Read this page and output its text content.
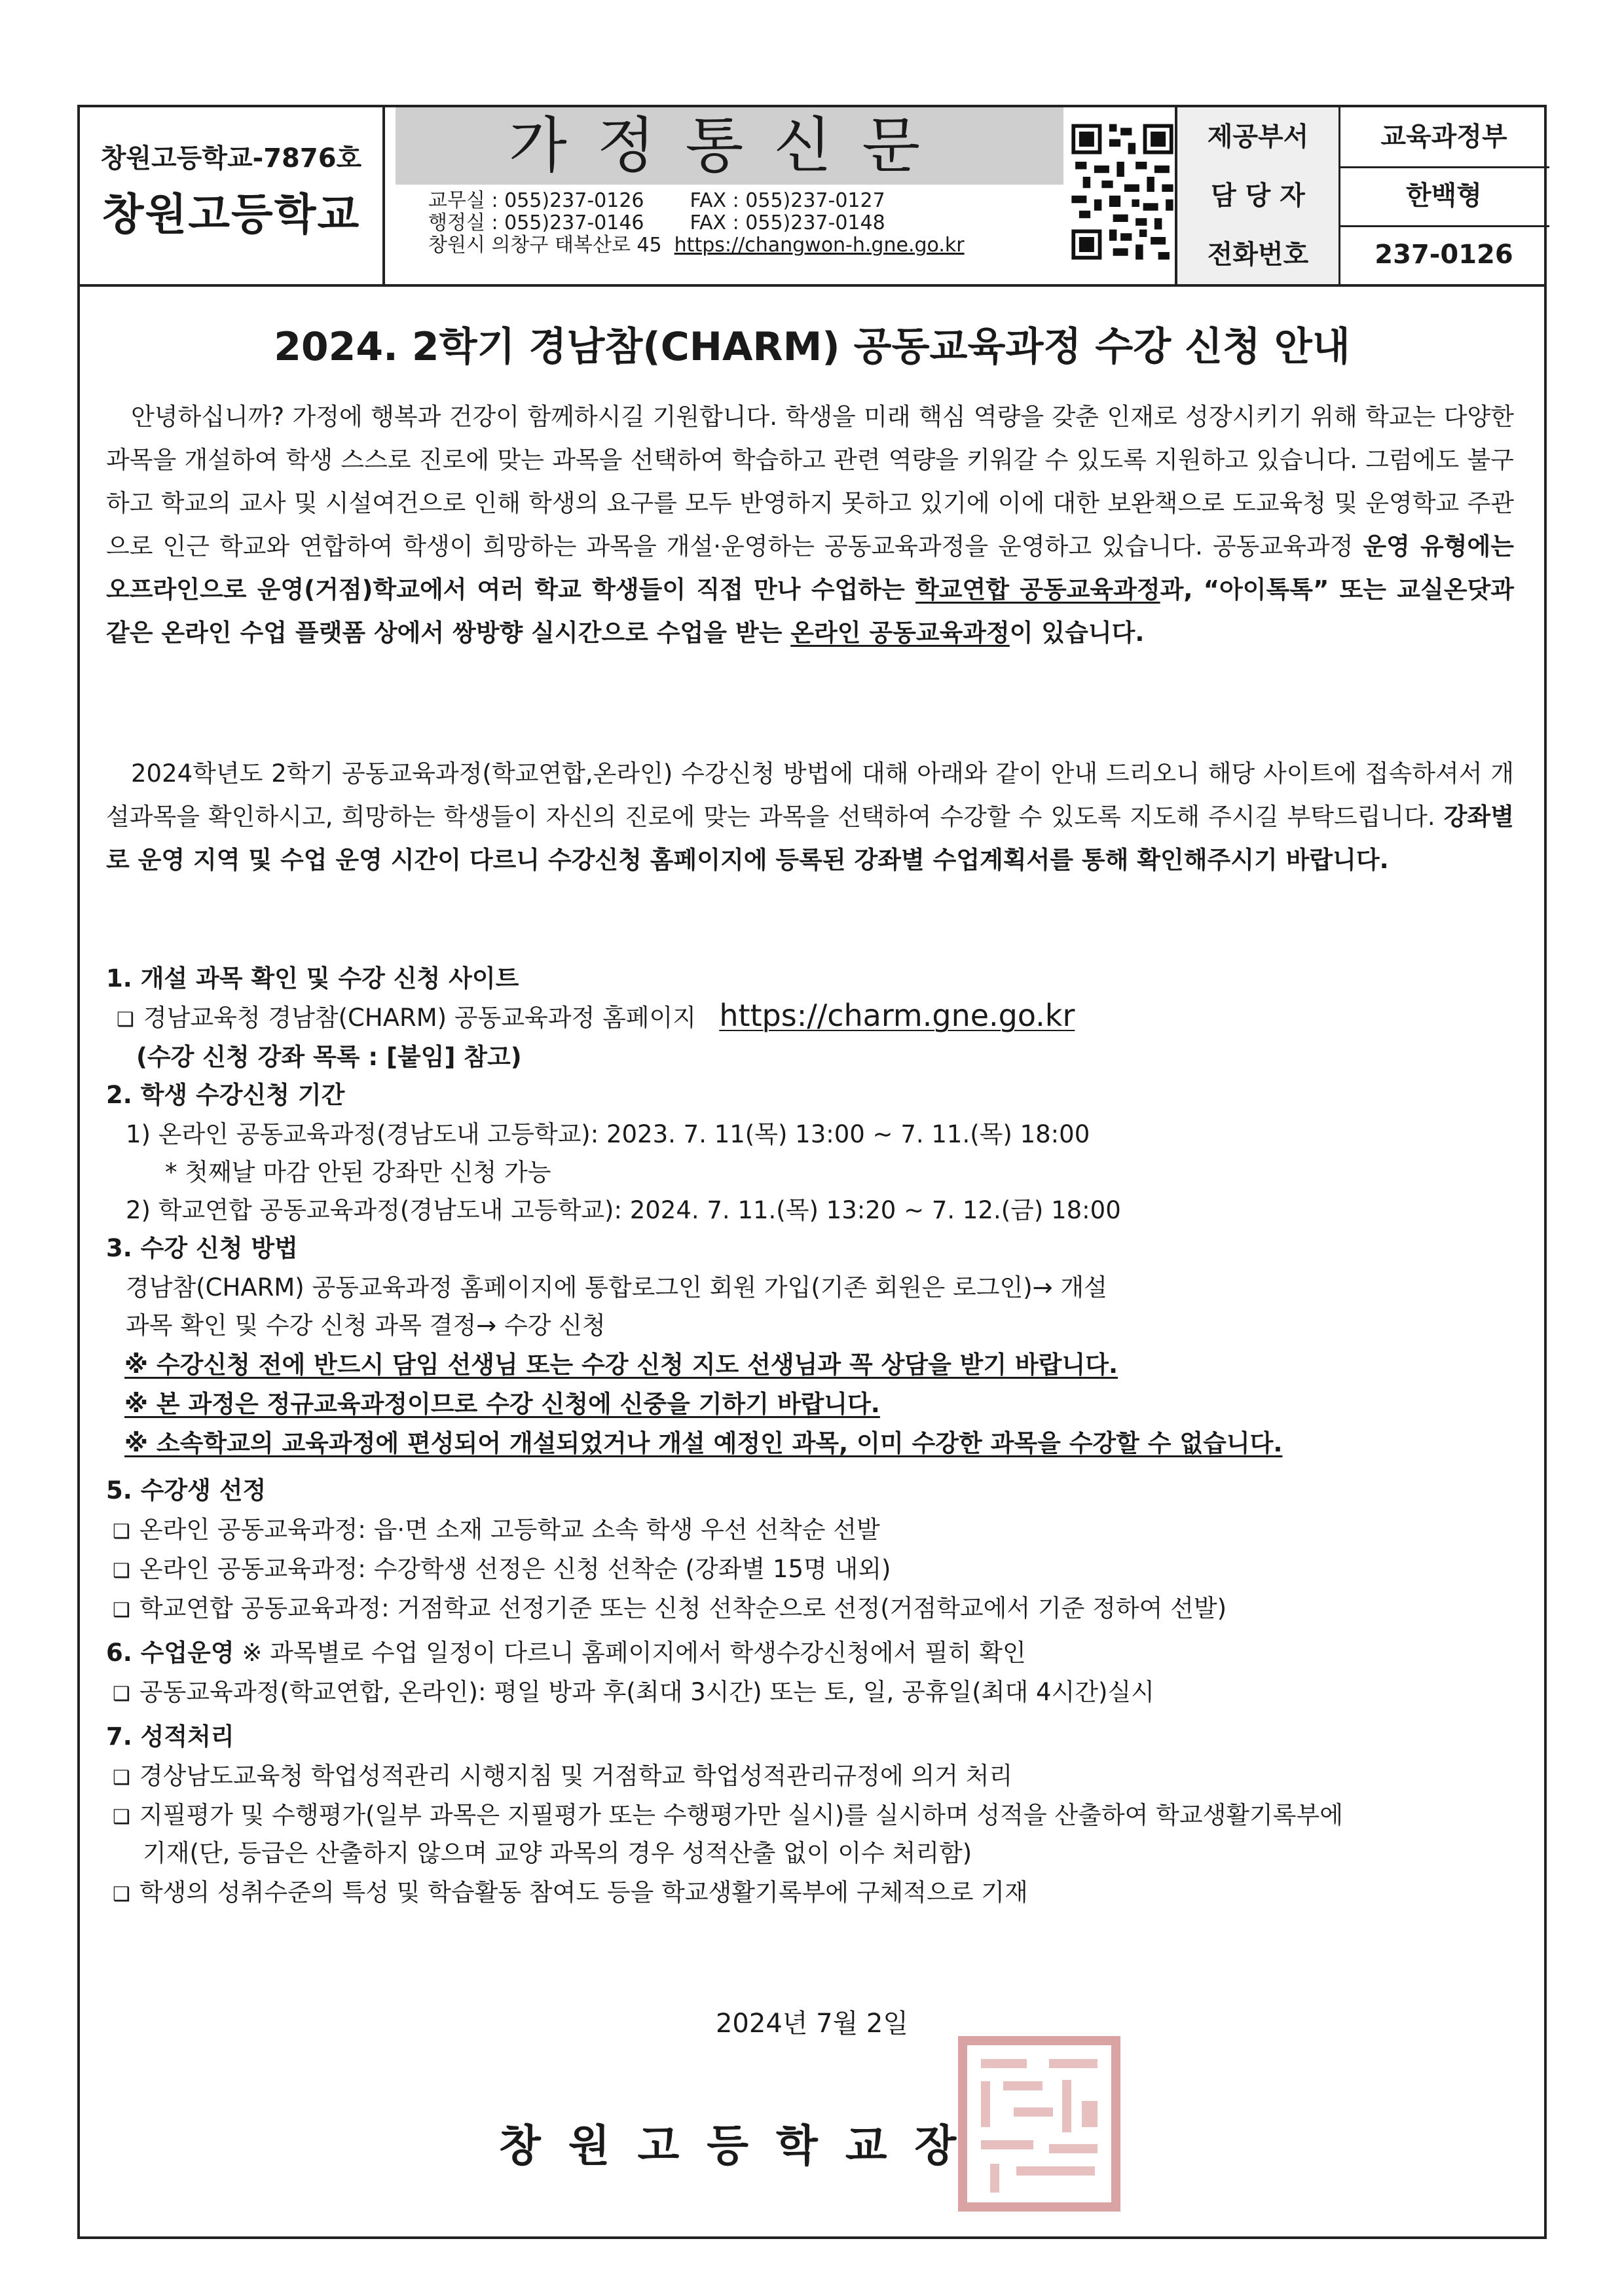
창원고등학교-7876호
창원고등학교
가정통신문
교무실 : 055)237-0126 FAX : 055)237-0127
행정실 : 055)237-0146 FAX : 055)237-0148
창원시 의창구 태복산로 45 https://changwon-h.gne.go.kr
제공부서	교육과정부
담 당 자	한백형
전화번호	237-0126
2024. 2학기 경남참(CHARM) 공동교육과정 수강 신청 안내
안녕하십니까? 가정에 행복과 건강이 함께하시길 기원합니다. 학생을 미래 핵심 역량을 갖춘 인재로 성장시키기 위해 학교는 다양한 과목을 개설하여 학생 스스로 진로에 맞는 과목을 선택하여 학습하고 관련 역량을 키워갈 수 있도록 지원하고 있습니다. 그럼에도 불구하고 학교의 교사 및 시설여건으로 인해 학생의 요구를 모두 반영하지 못하고 있기에 이에 대한 보완책으로 도교육청 및 운영학교 주관으로 인근 학교와 연합하여 학생이 희망하는 과목을 개설·운영하는 공동교육과정을 운영하고 있습니다. 공동교육과정 운영 유형에는 오프라인으로 운영(거점)학교에서 여러 학교 학생들이 직접 만나 수업하는 학교연합 공동교육과정과, “아이톡톡” 또는 교실온닷과 같은 온라인 수업 플랫폼 상에서 쌍방향 실시간으로 수업을 받는 온라인 공동교육과정이 있습니다.
2024학년도 2학기 공동교육과정(학교연합,온라인) 수강신청 방법에 대해 아래와 같이 안내 드리오니 해당 사이트에 접속하셔서 개설과목을 확인하시고, 희망하는 학생들이 자신의 진로에 맞는 과목을 선택하여 수강할 수 있도록 지도해 주시길 부탁드립니다. 강좌별로 운영 지역 및 수업 운영 시간이 다르니 수강신청 홈페이지에 등록된 강좌별 수업계획서를 통해 확인해주시기 바랍니다.
1. 개설 과목 확인 및 수강 신청 사이트
❑ 경남교육청 경남참(CHARM) 공동교육과정 홈페이지 https://charm.gne.go.kr
(수강 신청 강좌 목록 : [붙임] 참고)
2. 학생 수강신청 기간
1) 온라인 공동교육과정(경남도내 고등학교): 2023. 7. 11(목) 13:00 ~ 7. 11.(목) 18:00
* 첫째날 마감 안된 강좌만 신청 가능
2) 학교연합 공동교육과정(경남도내 고등학교): 2024. 7. 11.(목) 13:20 ~ 7. 12.(금) 18:00
3. 수강 신청 방법
경남참(CHARM) 공동교육과정 홈페이지에 통합로그인 회원 가입(기존 회원은 로그인)→ 개설
과목 확인 및 수강 신청 과목 결정→ 수강 신청
※ 수강신청 전에 반드시 담임 선생님 또는 수강 신청 지도 선생님과 꼭 상담을 받기 바랍니다.
※ 본 과정은 정규교육과정이므로 수강 신청에 신중을 기하기 바랍니다.
※ 소속학교의 교육과정에 편성되어 개설되었거나 개설 예정인 과목, 이미 수강한 과목을 수강할 수 없습니다.
5. 수강생 선정
❑ 온라인 공동교육과정: 읍·면 소재 고등학교 소속 학생 우선 선착순 선발
❑ 온라인 공동교육과정: 수강학생 선정은 신청 선착순 (강좌별 15명 내외)
❑ 학교연합 공동교육과정: 거점학교 선정기준 또는 신청 선착순으로 선정(거점학교에서 기준 정하여 선발)
6. 수업운영 ※ 과목별로 수업 일정이 다르니 홈페이지에서 학생수강신청에서 필히 확인
❑ 공동교육과정(학교연합, 온라인): 평일 방과 후(최대 3시간) 또는 토, 일, 공휴일(최대 4시간)실시
7. 성적처리
❑ 경상남도교육청 학업성적관리 시행지침 및 거점학교 학업성적관리규정에 의거 처리
❑ 지필평가 및 수행평가(일부 과목은 지필평가 또는 수행평가만 실시)를 실시하며 성적을 산출하여 학교생활기록부에
기재(단, 등급은 산출하지 않으며 교양 과목의 경우 성적산출 없이 이수 처리함)
❑ 학생의 성취수준의 특성 및 학습활동 참여도 등을 학교생활기록부에 구체적으로 기재
2024년 7월 2일
창원고등학교장
